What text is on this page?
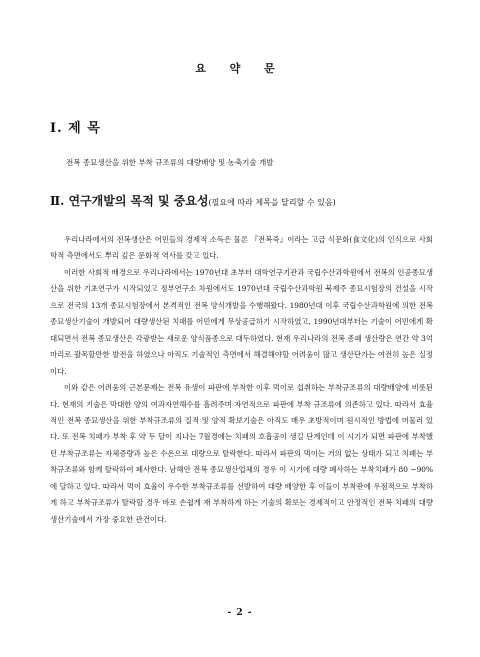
요 약 문
Ⅰ. 제 목
전복 종묘생산을 위한 부착 규조류의 대량배양 및 농축기술 개발
Ⅱ. 연구개발의 목적 및 중요성(필요에 따라 제목을 달리할 수 있음)

우리나라에서의 전복생산은 어민들의 경제적 소득은 물론 『전복죽』이라는 고급 식문화(食文化)의 인식으로 사회학적 측면에서도 뿌리 깊은 문화적 역사를 갖고 있다.

이러한 사회적 배경으로 우리나라에서는 1970년대 초부터 대학연구기관과 국립수산과학원에서 전복의 인공종묘생산을 위한 기초연구가 시작되었고 정부연구소 차원에서도 1970년대 국립수산과학원 북제주 종묘시험장의 건설을 시작으로 전국의 13개 종묘시험장에서 본격적인 전복 양식개발을 수행해왔다. 1980년대 이후 국립수산과학원에 의한 전복 종묘생산기술이 개발되어 대량생산된 치패를 어민에게 무상공급하기 시작하였고, 1990년대부터는 기술이 어민에게 확대되면서 전복 종묘생산은 각광받는 새로운 양식품종으로 대두하였다. 현재 우리나라의 전복 종패 생산량은 연간 약 3억마리로 괄목할만한 발전을 하였으나 아직도 기술적인 측면에서 해결해야할 어려움이 많고 생산단가는 여전히 높은 실정이다.

이와 같은 어려움의 근본문제는 전복 유생이 파판에 부착한 이후 먹이로 섭취하는 부착규조류의 대량배양에 비롯된다. 현재의 기술은 막대한 양의 여과자연해수를 흘려주며 자연적으로 파판에 부착 규조류에 의존하고 있다. 따라서 효율적인 전복 종묘생산을 위한 부착규조류의 질적 및 양적 확보기술은 아직도 매우 초방적이며 원시적인 방법에 머물러 있다. 또 전복 치패가 부착 후 약 두 달이 지나는 7월경에는 치패의 호흡공이 생길 단계인데 이 시기가 되면 파판에 부착했던 부착규조류는 자체증량과 높은 수온으로 대량으로 탈락한다. 따라서 파판의 먹이는 거의 없는 상태가 되고 치패는 부착규조류와 함께 탈락하여 폐사한다. 남해안 전복 종묘생산업체의 경우 이 시기에 대량 폐사하는 부착치패가 80 ~90%에 달하고 있다. 따라서 먹이 효율이 우수한 부착규조류를 선발하여 대량 배양한 후 이들이 부착판에 우점적으로 부착하게 하고 부착규조류가 탈락할 경우 바로 손쉽게 재 부착하게 하는 기술의 확보는 경제적이고 안정적인 전복 치패의 대량생산기술에서 가장 중요한 관건이다.

- 2 -
